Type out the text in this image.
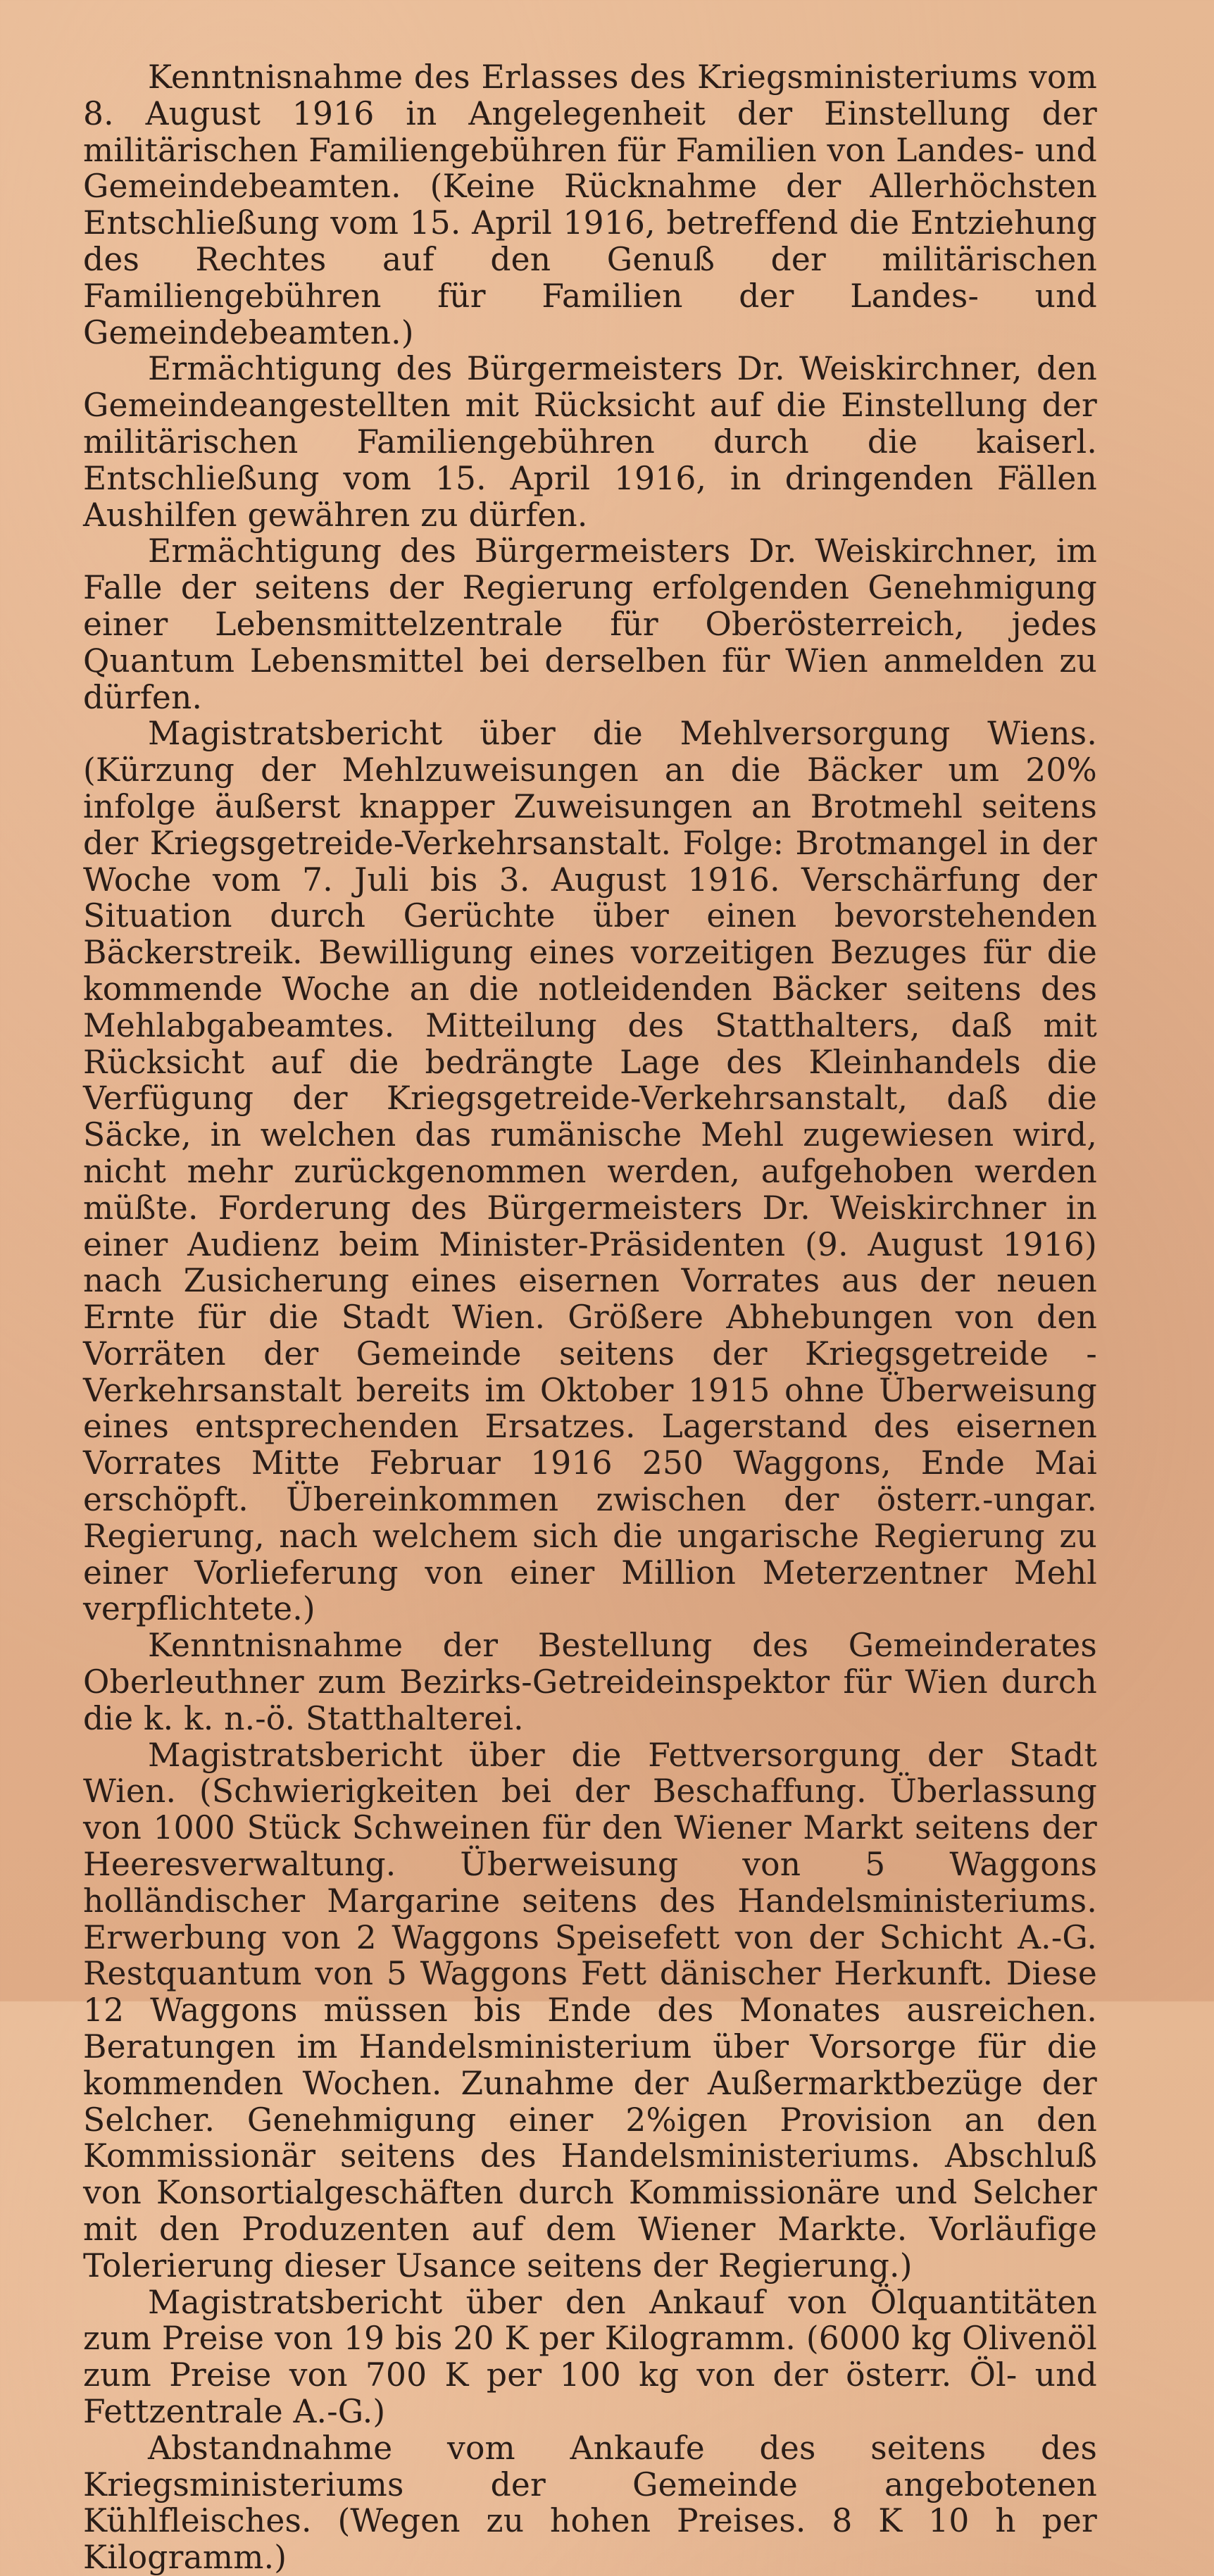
Kenntnisnahme des Erlasses des Kriegsministeriums vom 8. August 1916 in Angelegenheit der Einstellung der militärischen Familiengebühren für Familien von Landes- und Gemeindebeamten. (Keine Rücknahme der Allerhöchsten Entschließung vom 15. April 1916, betreffend die Entziehung des Rechtes auf den Genuß der militärischen Familiengebühren für Familien der Landes- und Gemeindebeamten.)

Ermächtigung des Bürgermeisters Dr. Weiskirchner, den Gemeindeangestellten mit Rücksicht auf die Einstellung der militärischen Familiengebühren durch die kaiserl. Entschließung vom 15. April 1916, in dringenden Fällen Aushilfen gewähren zu dürfen.

Ermächtigung des Bürgermeisters Dr. Weiskirchner, im Falle der seitens der Regierung erfolgenden Genehmigung einer Lebensmittelzentrale für Oberösterreich, jedes Quantum Lebensmittel bei derselben für Wien anmelden zu dürfen.

Magistratsbericht über die Mehlversorgung Wiens. (Kürzung der Mehlzuweisungen an die Bäcker um 20% infolge äußerst knapper Zuweisungen an Brotmehl seitens der Kriegsgetreide-Verkehrsanstalt. Folge: Brotmangel in der Woche vom 7. Juli bis 3. August 1916. Verschärfung der Situation durch Gerüchte über einen bevorstehenden Bäckerstreik. Bewilligung eines vorzeitigen Bezuges für die kommende Woche an die notleidenden Bäcker seitens des Mehlabgabeamtes. Mitteilung des Statthalters, daß mit Rücksicht auf die bedrängte Lage des Kleinhandels die Verfügung der Kriegsgetreide-Verkehrsanstalt, daß die Säcke, in welchen das rumänische Mehl zugewiesen wird, nicht mehr zurückgenommen werden, aufgehoben werden müßte. Forderung des Bürgermeisters Dr. Weiskirchner in einer Audienz beim Minister-Präsidenten (9. August 1916) nach Zusicherung eines eisernen Vorrates aus der neuen Ernte für die Stadt Wien. Größere Abhebungen von den Vorräten der Gemeinde seitens der Kriegsgetreide - Verkehrsanstalt bereits im Oktober 1915 ohne Überweisung eines entsprechenden Ersatzes. Lagerstand des eisernen Vorrates Mitte Februar 1916 250 Waggons, Ende Mai erschöpft. Übereinkommen zwischen der österr.-ungar. Regierung, nach welchem sich die ungarische Regierung zu einer Vorlieferung von einer Million Meterzentner Mehl verpflichtete.)

Kenntnisnahme der Bestellung des Gemeinderates Oberleuthner zum Bezirks-Getreideinspektor für Wien durch die k. k. n.-ö. Statthalterei.

Magistratsbericht über die Fettversorgung der Stadt Wien. (Schwierigkeiten bei der Beschaffung. Überlassung von 1000 Stück Schweinen für den Wiener Markt seitens der Heeresverwaltung. Überweisung von 5 Waggons holländischer Margarine seitens des Handelsministeriums. Erwerbung von 2 Waggons Speisefett von der Schicht A.-G. Restquantum von 5 Waggons Fett dänischer Herkunft. Diese 12 Waggons müssen bis Ende des Monates ausreichen. Beratungen im Handelsministerium über Vorsorge für die kommenden Wochen. Zunahme der Außermarktbezüge der Selcher. Genehmigung einer 2%igen Provision an den Kommissionär seitens des Handelsministeriums. Abschluß von Konsortialgeschäften durch Kommissionäre und Selcher mit den Produzenten auf dem Wiener Markte. Vorläufige Tolerierung dieser Usance seitens der Regierung.)

Magistratsbericht über den Ankauf von Ölquantitäten zum Preise von 19 bis 20 K per Kilogramm. (6000 kg Olivenöl zum Preise von 700 K per 100 kg von der österr. Öl- und Fettzentrale A.-G.)

Abstandnahme vom Ankaufe des seitens des Kriegsministeriums der Gemeinde angebotenen Kühlfleisches. (Wegen zu hohen Preises. 8 K 10 h per Kilogramm.)
